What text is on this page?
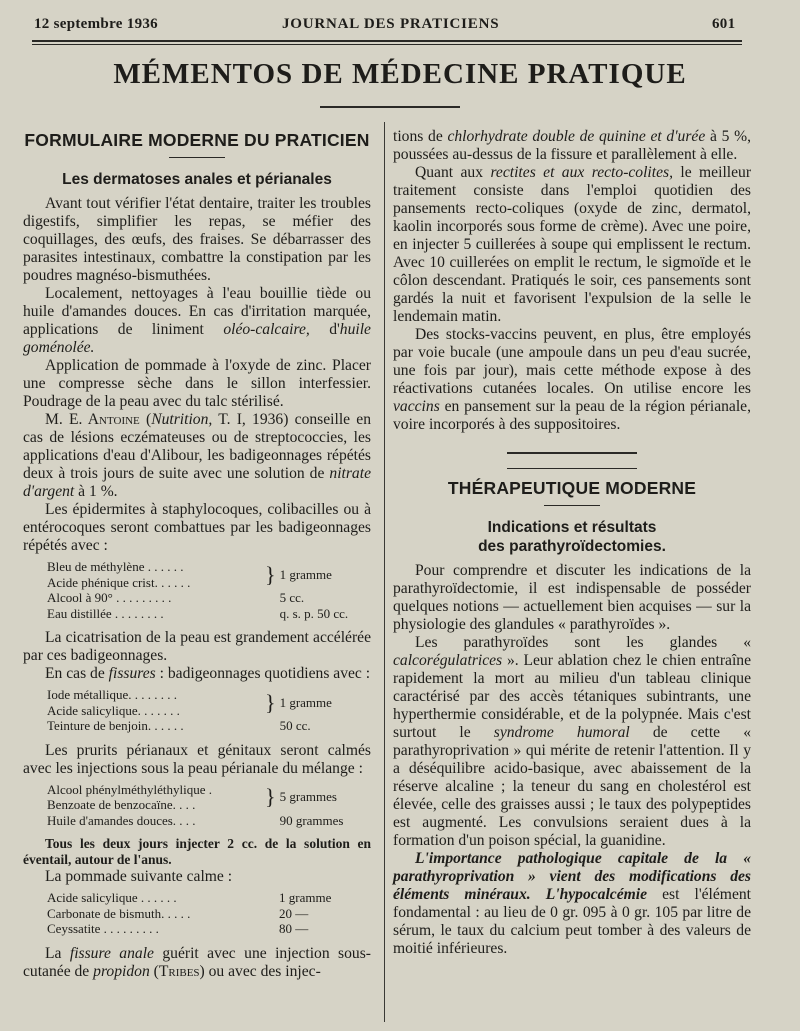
12 septembre 1936	JOURNAL DES PRATICIENS	601
MÉMENTOS DE MÉDECINE PRATIQUE
FORMULAIRE MODERNE DU PRATICIEN
Les dermatoses anales et périanales

Avant tout vérifier l'état dentaire, traiter les troubles digestifs, simplifier les repas, se méfier des coquillages, des œufs, des fraises. Se débarrasser des parasites intestinaux, combattre la constipation par les poudres magnéso-bismuthées.

Localement, nettoyages à l'eau bouillie tiède ou huile d'amandes douces. En cas d'irritation marquée, applications de liniment oléo-calcaire, d'huile goménolée.

Application de pommade à l'oxyde de zinc. Placer une compresse sèche dans le sillon interfessier. Poudrage de la peau avec du talc stérilisé.

M. E. Antoine (Nutrition, T. I, 1936) conseille en cas de lésions eczémateuses ou de streptococcies, les applications d'eau d'Alibour, les badigeonnages répétés deux à trois jours de suite avec une solution de nitrate d'argent à 1 %.

Les épidermites à staphylocoques, colibacilles ou à entérocoques seront combattues par les badigeonnages répétés avec :

Bleu de méthylène . . . . . .	}	1 gramme
Acide phénique crist. . . . . .		
Alcool à 90° . . . . . . . . .		5 cc.
Eau distillée . . . . . . . .		q. s. p. 50 cc.

La cicatrisation de la peau est grandement accélérée par ces badigeonnages.

En cas de fissures : badigeonnages quotidiens avec :

Iode métallique. . . . . . . .	}	1 gramme
Acide salicylique. . . . . . .		
Teinture de benjoin. . . . . .		50 cc.

Les prurits périanaux et génitaux seront calmés avec les injections sous la peau périanale du mélange :

Alcool phénylméthyléthylique .	}	5 grammes
Benzoate de benzocaïne. . . .		
Huile d'amandes douces. . . .		90 grammes

Tous les deux jours injecter 2 cc. de la solution en éventail, autour de l'anus.

La pommade suivante calme :

Acide salicylique . . . . . .		1 gramme
Carbonate de bismuth. . . . .		20 —
Ceyssatite . . . . . . . . .		80 —

La fissure anale guérit avec une injection sous-cutanée de propidon (Tribes) ou avec des injec-

tions de chlorhydrate double de quinine et d'urée à 5 %, poussées au-dessus de la fissure et parallèlement à elle.

Quant aux rectites et aux recto-colites, le meilleur traitement consiste dans l'emploi quotidien des pansements recto-coliques (oxyde de zinc, dermatol, kaolin incorporés sous forme de crème). Avec une poire, en injecter 5 cuillerées à soupe qui emplissent le rectum. Avec 10 cuillerées on emplit le rectum, le sigmoïde et le côlon descendant. Pratiqués le soir, ces pansements sont gardés la nuit et favorisent l'expulsion de la selle le lendemain matin.

Des stocks-vaccins peuvent, en plus, être employés par voie bucale (une ampoule dans un peu d'eau sucrée, une fois par jour), mais cette méthode expose à des réactivations cutanées locales. On utilise encore les vaccins en pansement sur la peau de la région périanale, voire incorporés à des suppositoires.

THÉRAPEUTIQUE MODERNE
Indications et résultats
des parathyroïdectomies.

Pour comprendre et discuter les indications de la parathyroïdectomie, il est indispensable de posséder quelques notions — actuellement bien acquises — sur la physiologie des glandules « parathyroïdes ».

Les parathyroïdes sont les glandes « calcorégulatrices ». Leur ablation chez le chien entraîne rapidement la mort au milieu d'un tableau clinique caractérisé par des accès tétaniques subintrants, une hyperthermie considérable, et de la polypnée. Mais c'est surtout le syndrome humoral de cette « parathyroprivation » qui mérite de retenir l'attention. Il y a déséquilibre acido-basique, avec abaissement de la réserve alcaline ; la teneur du sang en cholestérol est élevée, celle des graisses aussi ; le taux des polypeptides est augmenté. Les convulsions seraient dues à la formation d'un poison spécial, la guanidine.

L'importance pathologique capitale de la « parathyroprivation » vient des modifications des éléments minéraux. L'hypocalcémie est l'élément fondamental : au lieu de 0 gr. 095 à 0 gr. 105 par litre de sérum, le taux du calcium peut tomber à des valeurs de moitié inférieures.
